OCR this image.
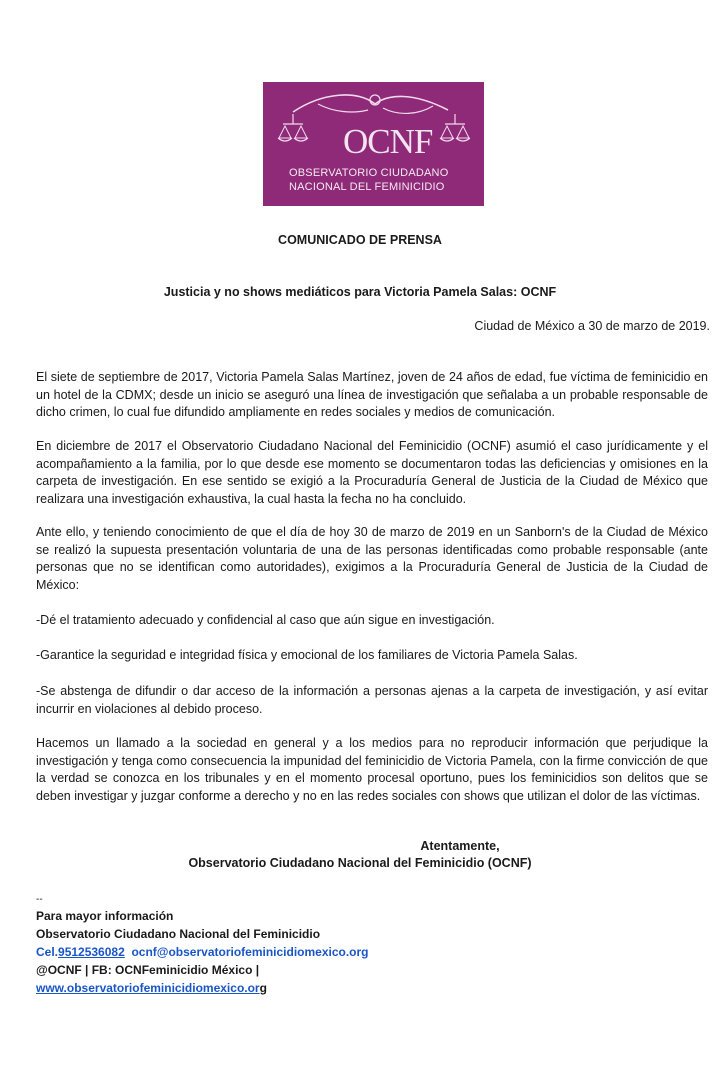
OCNF
OBSERVATORIO CIUDADANO
NACIONAL DEL FEMINICIDIO
COMUNICADO DE PRENSA
Justicia y no shows mediáticos para Victoria Pamela Salas: OCNF
Ciudad de México a 30 de marzo de 2019.

El siete de septiembre de 2017, Victoria Pamela Salas Martínez, joven de 24 años de edad, fue víctima de feminicidio en un hotel de la CDMX; desde un inicio se aseguró una línea de investigación que señalaba a un probable responsable de dicho crimen, lo cual fue difundido ampliamente en redes sociales y medios de comunicación.

En diciembre de 2017 el Observatorio Ciudadano Nacional del Feminicidio (OCNF) asumió el caso jurídicamente y el acompañamiento a la familia, por lo que desde ese momento se documentaron todas las deficiencias y omisiones en la carpeta de investigación. En ese sentido se exigió a la Procuraduría General de Justicia de la Ciudad de México que realizara una investigación exhaustiva, la cual hasta la fecha no ha concluido.

Ante ello, y teniendo conocimiento de que el día de hoy 30 de marzo de 2019 en un Sanborn's de la Ciudad de México se realizó la supuesta presentación voluntaria de una de las personas identificadas como probable responsable (ante personas que no se identifican como autoridades), exigimos a la Procuraduría General de Justicia de la Ciudad de México:

-Dé el tratamiento adecuado y confidencial al caso que aún sigue en investigación.

-Garantice la seguridad e integridad física y emocional de los familiares de Victoria Pamela Salas.

-Se abstenga de difundir o dar acceso de la información a personas ajenas a la carpeta de investigación, y así evitar incurrir en violaciones al debido proceso.

Hacemos un llamado a la sociedad en general y a los medios para no reproducir información que perjudique la investigación y tenga como consecuencia la impunidad del feminicidio de Victoria Pamela, con la firme convicción de que la verdad se conozca en los tribunales y en el momento procesal oportuno, pues los feminicidios son delitos que se deben investigar y juzgar conforme a derecho y no en las redes sociales con shows que utilizan el dolor de las víctimas.

Atentamente,
Observatorio Ciudadano Nacional del Feminicidio (OCNF)
--
Para mayor información
Observatorio Ciudadano Nacional del Feminicidio
Cel.9512536082 ocnf@observatoriofeminicidiomexico.org
@OCNF | FB: OCNFeminicidio México |
www.observatoriofeminicidiomexico.org
